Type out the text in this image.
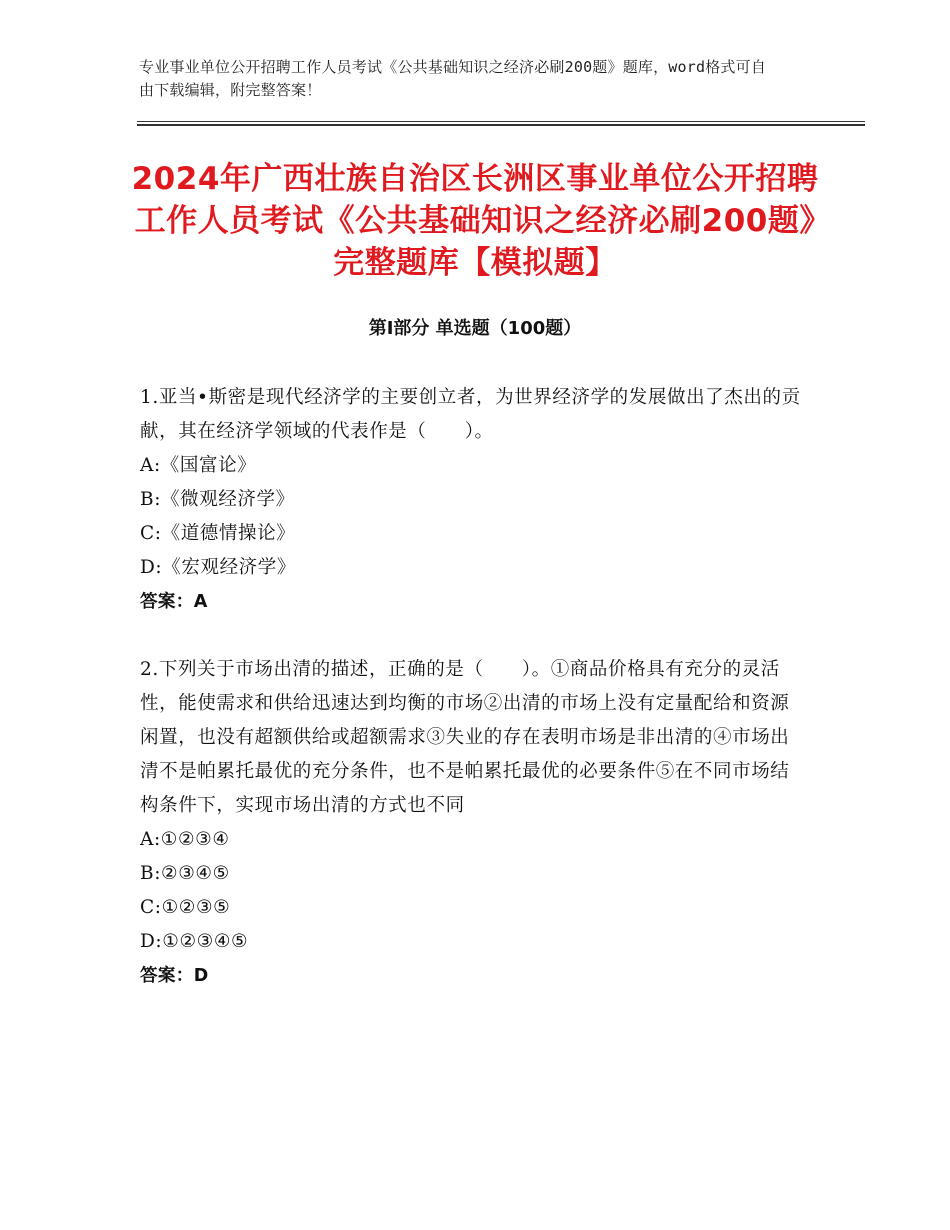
专业事业单位公开招聘工作人员考试《公共基础知识之经济必刷200题》题库，word格式可自由下载编辑，附完整答案！
2024年广西壮族自治区长洲区事业单位公开招聘工作人员考试《公共基础知识之经济必刷200题》完整题库【模拟题】
第Ⅰ部分 单选题（100题）

1.亚当•斯密是现代经济学的主要创立者，为世界经济学的发展做出了杰出的贡献，其在经济学领域的代表作是（　　）。

A:《国富论》

B:《微观经济学》

C:《道德情操论》

D:《宏观经济学》

答案：A

2.下列关于市场出清的描述，正确的是（　　）。①商品价格具有充分的灵活性，能使需求和供给迅速达到均衡的市场②出清的市场上没有定量配给和资源闲置，也没有超额供给或超额需求③失业的存在表明市场是非出清的④市场出清不是帕累托最优的充分条件，也不是帕累托最优的必要条件⑤在不同市场结构条件下，实现市场出清的方式也不同

A:①②③④

B:②③④⑤

C:①②③⑤

D:①②③④⑤

答案：D
